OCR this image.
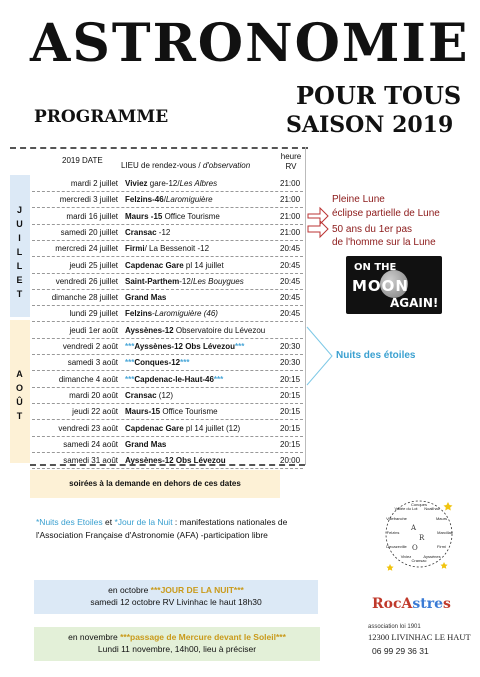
ASTRONOMIE
POUR TOUS
SAISON 2019
PROGRAMME
J
U
I
L
L
E
T
A
O
Û
T
2019 DATE
LIEU de rendez-vous / d'observation
heure RV
mardi 2 juillet Viviez gare-12/Les Albres	21:00
mercredi 3 juillet Felzins-46/Laromiguière	21:00
mardi 16 juillet Maurs -15 Office Tourisme	21:00
samedi 20 juillet Cransac -12	21:00
mercredi 24 juillet Firmi/ La Bessenoit -12	20:45
jeudi 25 juillet Capdenac Gare pl 14 juillet	20:45
vendredi 26 juillet Saint-Parthem-12/Les Bouygues	20:45
dimanche 28 juillet Grand Mas	20:45
lundi 29 juillet Felzins-Laromiguière (46)	20:45
jeudi 1er août Ayssènes-12 Observatoire du Lévezou
vendredi 2 août ***Ayssènes-12 Obs Lévezou***	20:30
samedi 3 août ***Conques-12***	20:30
dimanche 4 août ***Capdenac-le-Haut-46***	20:15
mardi 20 août Cransac (12)	20:15
jeudi 22 août Maurs-15 Office Tourisme	20:15
vendredi 23 août Capdenac Gare pl 14 juillet (12)	20:15
samedi 24 août Grand Mas	20:15
samedi 31 août Ayssènes-12 Obs Lévezou	20:00
Pleine Lune
éclipse partielle de Lune
50 ans du 1er pas
de l'homme sur la Lune
ON THE
MOON
AGAIN!
Nuits des étoiles
soirées à la demande en dehors de ces dates
*Nuits des Etoiles et *Jour de la Nuit : manifestations nationales de l'Association Française d'Astronomie (AFA) -participation libre
Conques
Noailhac
Maurs
Marcillac
Firmi
Ayssènes
Cransac
Viviez
Decazeville
Felzins
Villefranche
Vallée du Lot
A
R
O
RocAstres
association loi 1901
12300 LIVINHAC LE HAUT
06 99 29 36 31
en octobre ***JOUR DE LA NUIT***
samedi 12 octobre RV Livinhac le haut 18h30
en novembre ***passage de Mercure devant le Soleil***
Lundi 11 novembre, 14h00, lieu à préciser
